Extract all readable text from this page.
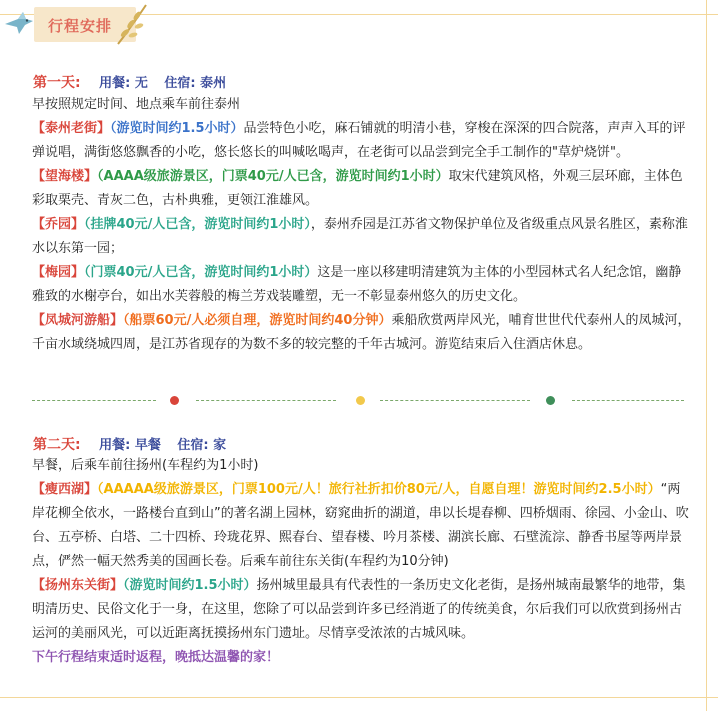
行程安排
第一天: 用餐: 无 住宿: 泰州

早按照规定时间、地点乘车前往泰州

【泰州老街】（游览时间约1.5小时）品尝特色小吃，麻石铺就的明清小巷，穿梭在深深的四合院落，声声入耳的评弹说唱，满街悠悠飘香的小吃，悠长悠长的叫喊吆喝声，在老街可以品尝到完全手工制作的"草炉烧饼"。

【望海楼】（AAAA级旅游景区，门票40元/人已含，游览时间约1小时）取宋代建筑风格，外观三层环廊，主体色彩取栗壳、青灰二色，古朴典雅，更领江淮雄风。

【乔园】（挂牌40元/人已含，游览时间约1小时），泰州乔园是江苏省文物保护单位及省级重点风景名胜区，素称淮水以东第一园；

【梅园】（门票40元/人已含，游览时间约1小时）这是一座以移建明清建筑为主体的小型园林式名人纪念馆，幽静雅致的水榭亭台，如出水芙蓉般的梅兰芳戏装雕塑，无一不彰显泰州悠久的历史文化。

【凤城河游船】（船票60元/人必须自理，游览时间约40分钟）乘船欣赏两岸风光，哺育世世代代泰州人的凤城河，千亩水域绕城四周，是江苏省现存的为数不多的较完整的千年古城河。游览结束后入住酒店休息。

第二天: 用餐: 早餐 住宿: 家

早餐，后乘车前往扬州(车程约为1小时)

【瘦西湖】（AAAAA级旅游景区，门票100元/人！旅行社折扣价80元/人，自愿自理！游览时间约2.5小时）“两岸花柳全依水，一路楼台直到山”的著名湖上园林，窈窕曲折的湖道，串以长堤春柳、四桥烟雨、徐园、小金山、吹台、五亭桥、白塔、二十四桥、玲珑花界、熙春台、望春楼、吟月茶楼、湖滨长廊、石壁流淙、静香书屋等两岸景点，俨然一幅天然秀美的国画长卷。后乘车前往东关街(车程约为10分钟)

【扬州东关街】（游览时间约1.5小时）扬州城里最具有代表性的一条历史文化老街，是扬州城南最繁华的地带，集明清历史、民俗文化于一身，在这里，您除了可以品尝到许多已经消逝了的传统美食，尔后我们可以欣赏到扬州古运河的美丽风光，可以近距离抚摸扬州东门遗址。尽情享受浓浓的古城风味。

下午行程结束适时返程，晚抵达温馨的家！
